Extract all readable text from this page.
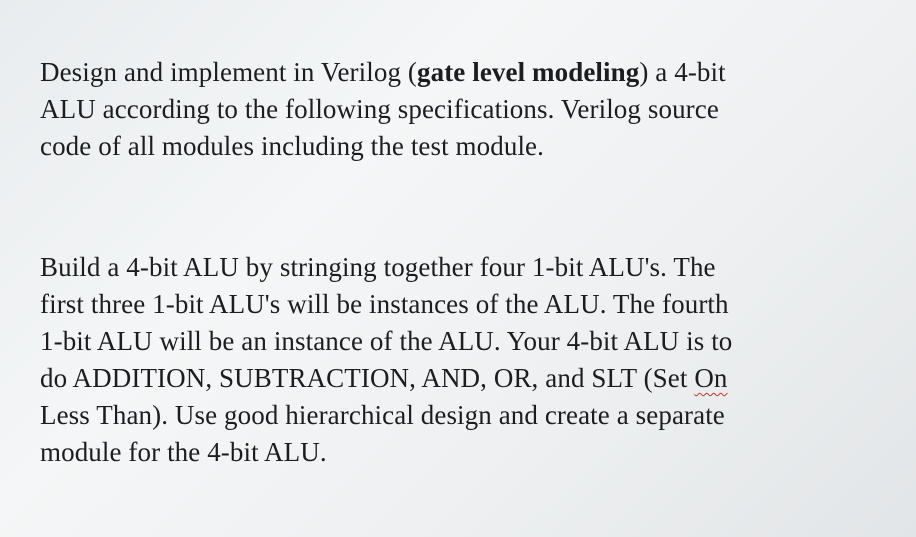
Design and implement in Verilog (gate level modeling) a 4-bit
ALU according to the following specifications. Verilog source
code of all modules including the test module.

Build a 4-bit ALU by stringing together four 1-bit ALU's. The
first three 1-bit ALU's will be instances of the ALU. The fourth
1-bit ALU will be an instance of the ALU. Your 4-bit ALU is to
do ADDITION, SUBTRACTION, AND, OR, and SLT (Set On
Less Than). Use good hierarchical design and create a separate
module for the 4-bit ALU.
